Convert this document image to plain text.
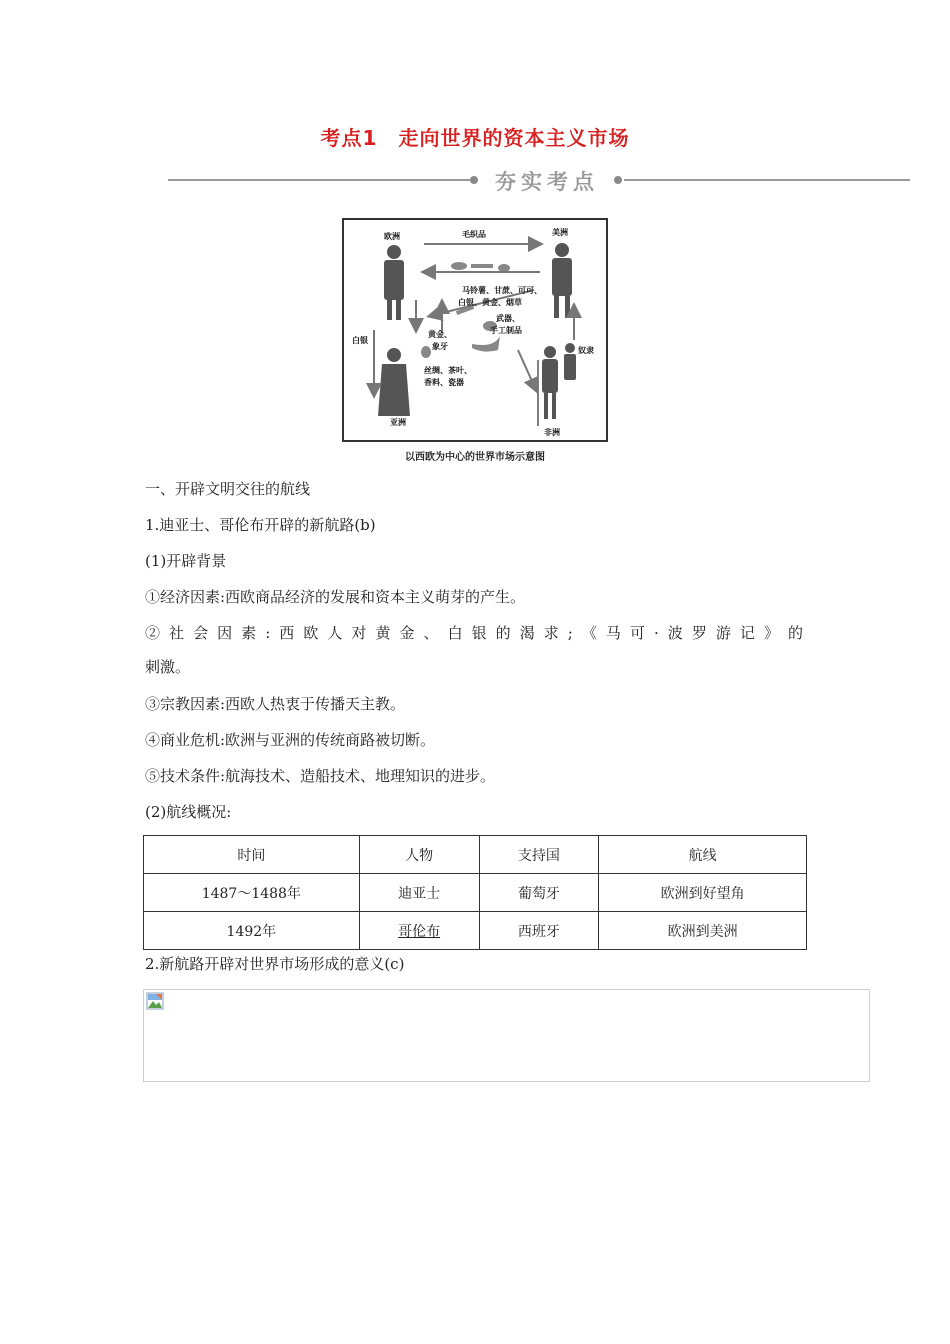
考点1　走向世界的资本主义市场
夯实考点
欧洲	美洲
亚洲
非洲
毛织品
马铃薯、甘蔗、可可、
白银、黄金、烟草
武器、
手工制品
黄金、
象牙
白银
奴隶
丝绸、茶叶、
香料、瓷器
以西欧为中心的世界市场示意图
一、开辟文明交往的航线
1.迪亚士、哥伦布开辟的新航路(b)
(1)开辟背景
①经济因素:西欧商品经济的发展和资本主义萌芽的产生。
②社会因素:西欧人对黄金、白银的渴求;《马可·波罗游记》的
刺激。
③宗教因素:西欧人热衷于传播天主教。
④商业危机:欧洲与亚洲的传统商路被切断。
⑤技术条件:航海技术、造船技术、地理知识的进步。
(2)航线概况:
时间	人物	支持国	航线
1487～1488年	迪亚士	葡萄牙	欧洲到好望角
1492年	哥伦布	西班牙	欧洲到美洲
2.新航路开辟对世界市场形成的意义(c)
